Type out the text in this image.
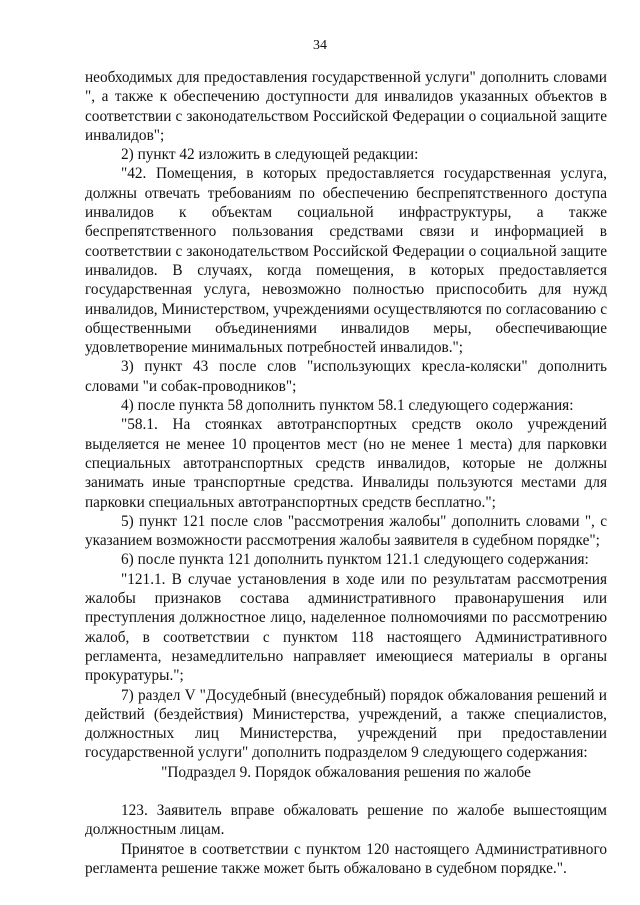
34

необходимых для предоставления государственной услуги" дополнить словами ", а также к обеспечению доступности для инвалидов указанных объектов в соответствии с законодательством Российской Федерации о социальной защите инвалидов";

2) пункт 42 изложить в следующей редакции:

"42. Помещения, в которых предоставляется государственная услуга, должны отвечать требованиям по обеспечению беспрепятственного доступа инвалидов к объектам социальной инфраструктуры, а также беспрепятственного пользования средствами связи и информацией в соответствии с законодательством Российской Федерации о социальной защите инвалидов. В случаях, когда помещения, в которых предоставляется государственная услуга, невозможно полностью приспособить для нужд инвалидов, Министерством, учреждениями осуществляются по согласованию с общественными объединениями инвалидов меры, обеспечивающие удовлетворение минимальных потребностей инвалидов.";

3) пункт 43 после слов "использующих кресла-коляски" дополнить словами "и собак-проводников";

4) после пункта 58 дополнить пунктом 58.1 следующего содержания:

"58.1. На стоянках автотранспортных средств около учреждений выделяется не менее 10 процентов мест (но не менее 1 места) для парковки специальных автотранспортных средств инвалидов, которые не должны занимать иные транспортные средства. Инвалиды пользуются местами для парковки специальных автотранспортных средств бесплатно.";

5) пункт 121 после слов "рассмотрения жалобы" дополнить словами ", с указанием возможности рассмотрения жалобы заявителя в судебном порядке";

6) после пункта 121 дополнить пунктом 121.1 следующего содержания:

"121.1. В случае установления в ходе или по результатам рассмотрения жалобы признаков состава административного правонарушения или преступления должностное лицо, наделенное полномочиями по рассмотрению жалоб, в соответствии с пунктом 118 настоящего Административного регламента, незамедлительно направляет имеющиеся материалы в органы прокуратуры.";

7) раздел V "Досудебный (внесудебный) порядок обжалования решений и действий (бездействия) Министерства, учреждений, а также специалистов, должностных лиц Министерства, учреждений при предоставлении государственной услуги" дополнить подразделом 9 следующего содержания:

"Подраздел 9. Порядок обжалования решения по жалобе

123. Заявитель вправе обжаловать решение по жалобе вышестоящим должностным лицам.

Принятое в соответствии с пунктом 120 настоящего Административного регламента решение также может быть обжаловано в судебном порядке.".
